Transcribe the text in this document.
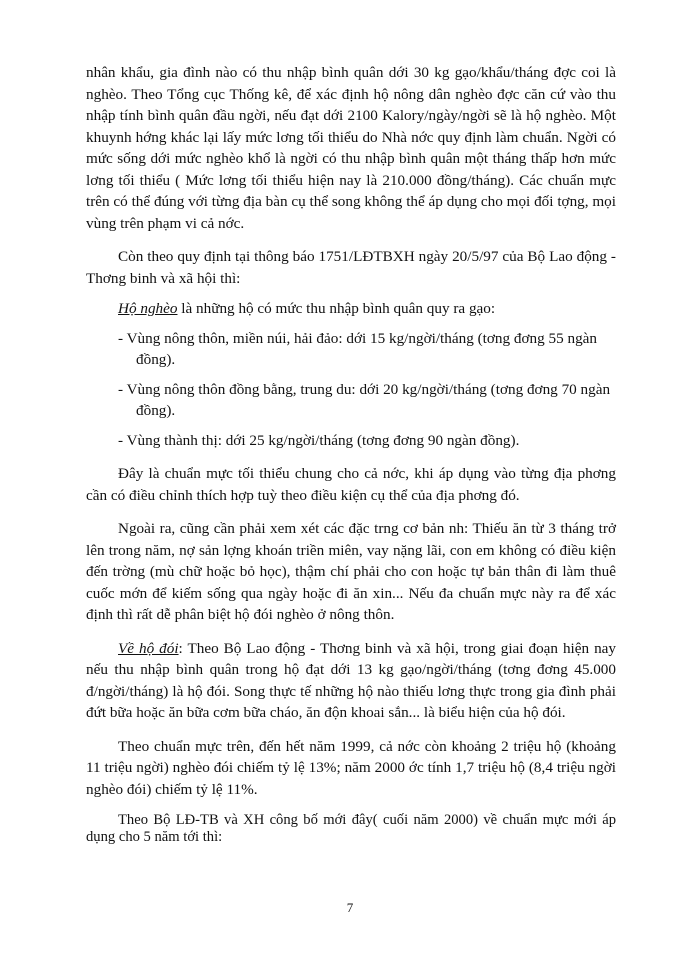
nhân khẩu, gia đình nào có thu nhập bình quân dới 30 kg gạo/khẩu/tháng đợc coi là nghèo. Theo Tổng cục Thống kê, để xác định hộ nông dân nghèo đợc căn cứ vào thu nhập tính bình quân đầu ngời, nếu đạt dới 2100 Kalory/ngày/ngời sẽ là hộ nghèo. Một khuynh hớng khác lại lấy mức lơng tối thiểu do Nhà nớc quy định làm chuẩn. Ngời có mức sống dới mức nghèo khổ là ngời có thu nhập bình quân một tháng thấp hơn mức lơng tối thiểu ( Mức lơng tối thiểu hiện nay là 210.000 đồng/tháng). Các chuẩn mực trên có thể đúng với từng địa bàn cụ thể song không thể áp dụng cho mọi đối tợng, mọi vùng trên phạm vi cả nớc.

Còn theo quy định tại thông báo 1751/LĐTBXH ngày 20/5/97 của Bộ Lao động - Thơng binh và xã hội thì:

Hộ nghèo là những hộ có mức thu nhập bình quân quy ra gạo:

- Vùng nông thôn, miền núi, hải đảo: dới 15 kg/ngời/tháng (tơng đơng 55 ngàn đồng).

- Vùng nông thôn đồng bằng, trung du: dới 20 kg/ngời/tháng (tơng đơng 70 ngàn đồng).

- Vùng thành thị: dới 25 kg/ngời/tháng (tơng đơng 90 ngàn đồng).

Đây là chuẩn mực tối thiểu chung cho cả nớc, khi áp dụng vào từng địa phơng cần có điều chỉnh thích hợp tuỳ theo điều kiện cụ thể của địa phơng đó.

Ngoài ra, cũng cần phải xem xét các đặc trng cơ bản nh: Thiếu ăn từ 3 tháng trở lên trong năm, nợ sản lợng khoán triền miên, vay nặng lãi, con em không có điều kiện đến trờng (mù chữ hoặc bỏ học), thậm chí phải cho con hoặc tự bản thân đi làm thuê cuốc mớn để kiếm sống qua ngày hoặc đi ăn xin... Nếu đa chuẩn mực này ra để xác định thì rất dễ phân biệt hộ đói nghèo ở nông thôn.

Về hộ đói: Theo Bộ Lao động - Thơng binh và xã hội, trong giai đoạn hiện nay nếu thu nhập bình quân trong hộ đạt dới 13 kg gạo/ngời/tháng (tơng đơng 45.000 đ/ngời/tháng) là hộ đói. Song thực tế những hộ nào thiếu lơng thực trong gia đình phải đứt bữa hoặc ăn bữa cơm bữa cháo, ăn độn khoai sắn... là biểu hiện của hộ đói.

Theo chuẩn mực trên, đến hết năm 1999, cả nớc còn khoảng 2 triệu hộ (khoảng 11 triệu ngời) nghèo đói chiếm tỷ lệ 13%; năm 2000 ớc tính 1,7 triệu hộ (8,4 triệu ngời nghèo đói) chiếm tỷ lệ 11%.

Theo Bộ LĐ-TB và XH công bố mới đây( cuối năm 2000) về chuẩn mực mới áp dụng cho 5 năm tới thì:

7
